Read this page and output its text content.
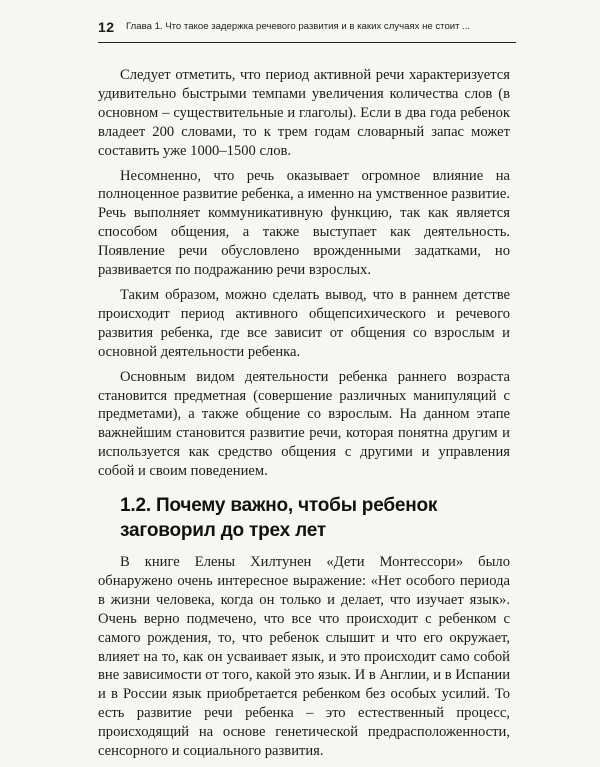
12 Глава 1. Что такое задержка речевого развития и в каких случаях не стоит ...

Следует отметить, что период активной речи характеризуется удивительно быстрыми темпами увеличения количества слов (в основном – существительные и глаголы). Если в два года ребенок владеет 200 словами, то к трем годам словарный запас может составить уже 1000–1500 слов.

Несомненно, что речь оказывает огромное влияние на полноценное развитие ребенка, а именно на умственное развитие. Речь выполняет коммуникативную функцию, так как является способом общения, а также выступает как деятельность. Появление речи обусловлено врожденными задатками, но развивается по подражанию речи взрослых.

Таким образом, можно сделать вывод, что в раннем детстве происходит период активного общепсихического и речевого развития ребенка, где все зависит от общения со взрослым и основной деятельности ребенка.

Основным видом деятельности ребенка раннего возраста становится предметная (совершение различных манипуляций с предметами), а также общение со взрослым. На данном этапе важнейшим становится развитие речи, которая понятна другим и используется как средство общения с другими и управления собой и своим поведением.

1.2. Почему важно, чтобы ребенок заговорил до трех лет

В книге Елены Хилтунен «Дети Монтессори» было обнаружено очень интересное выражение: «Нет особого периода в жизни человека, когда он только и делает, что изучает язык». Очень верно подмечено, что все что происходит с ребенком с самого рождения, то, что ребенок слышит и что его окружает, влияет на то, как он усваивает язык, и это происходит само собой вне зависимости от того, какой это язык. И в Англии, и в Испании и в России язык приобретается ребенком без особых усилий. То есть развитие речи ребенка – это естественный процесс, происходящий на основе генетической предрасположенности, сенсорного и социального развития.
